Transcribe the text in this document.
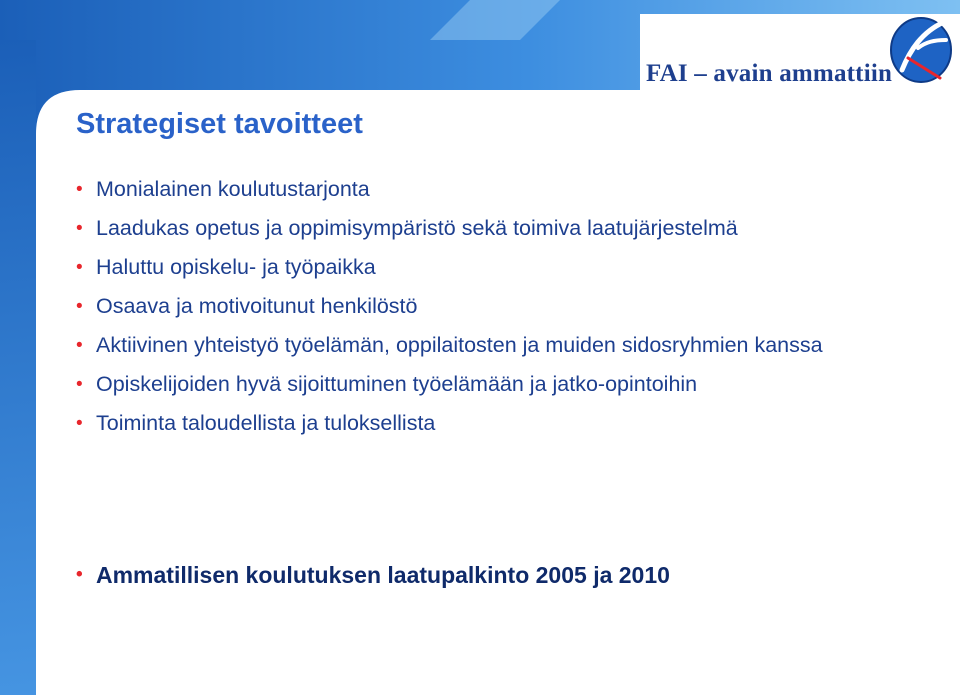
FAI – avain ammattiin
Strategiset tavoitteet
• Monialainen koulutustarjonta
• Laadukas opetus ja oppimisympäristö sekä toimiva laatujärjestelmä
• Haluttu opiskelu- ja työpaikka
• Osaava ja motivoitunut henkilöstö
• Aktiivinen yhteistyö työelämän, oppilaitosten ja muiden sidosryhmien kanssa
• Opiskelijoiden hyvä sijoittuminen työelämään ja jatko-opintoihin
• Toiminta taloudellista ja tuloksellista
• Ammatillisen koulutuksen laatupalkinto 2005 ja 2010
